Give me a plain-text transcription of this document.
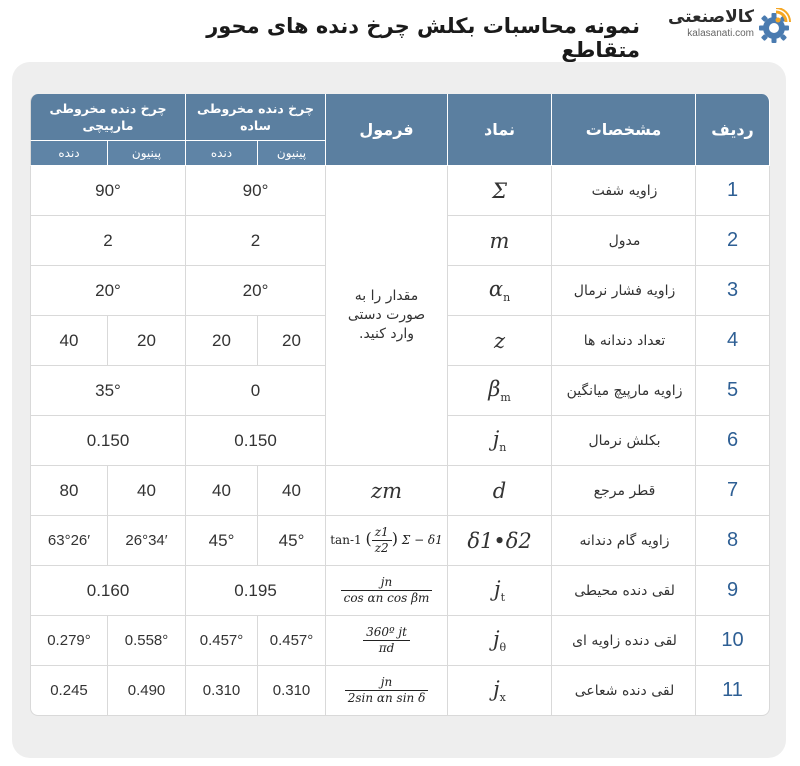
کالاصنعتی
kalasanati.com
نمونه محاسبات بکلش چرخ دنده های محور متقاطع
چرخ دنده مخروطی مارپیچی		چرخ دنده مخروطی ساده		فرمول	نماد	مشخصات	ردیف
دنده	پینیون	دنده	پینیون				
90°		90°		مقدار را به صورت دستی وارد کنید.	Σ	زاویه شفت	1
2		2			m	مدول	2
20°		20°			$\alpha_n$	زاویه فشار نرمال	3
40	20	20	20		z	تعداد دندانه ها	4
35°		0			$\beta_m$	زاویه مارپیچ میانگین	5
0.150		0.150			$j_n$	بکلش نرمال	6
80	40	40	40	zm	d	قطر مرجع	7
63°26′	26°34′	45°	45°	tan-1 ( $\frac{z1}{z2}$ ) Σ − δ1	δ1•δ2	زاویه گام دندانه	8
0.160		0.195		$\frac{jn}{\text{cos αn cos βm}}$	$j_t$	لقی دنده محیطی	9
0.279°	0.558°	0.457°	0.457°	$\frac{\text{360º jt}}{\pi d}$	$j_\theta$	لقی دنده زاویه ای	10
0.245	0.490	0.310	0.310	$\frac{jn}{\text{2sin αn sin δ}}$	$j_x$	لقی دنده شعاعی	11
